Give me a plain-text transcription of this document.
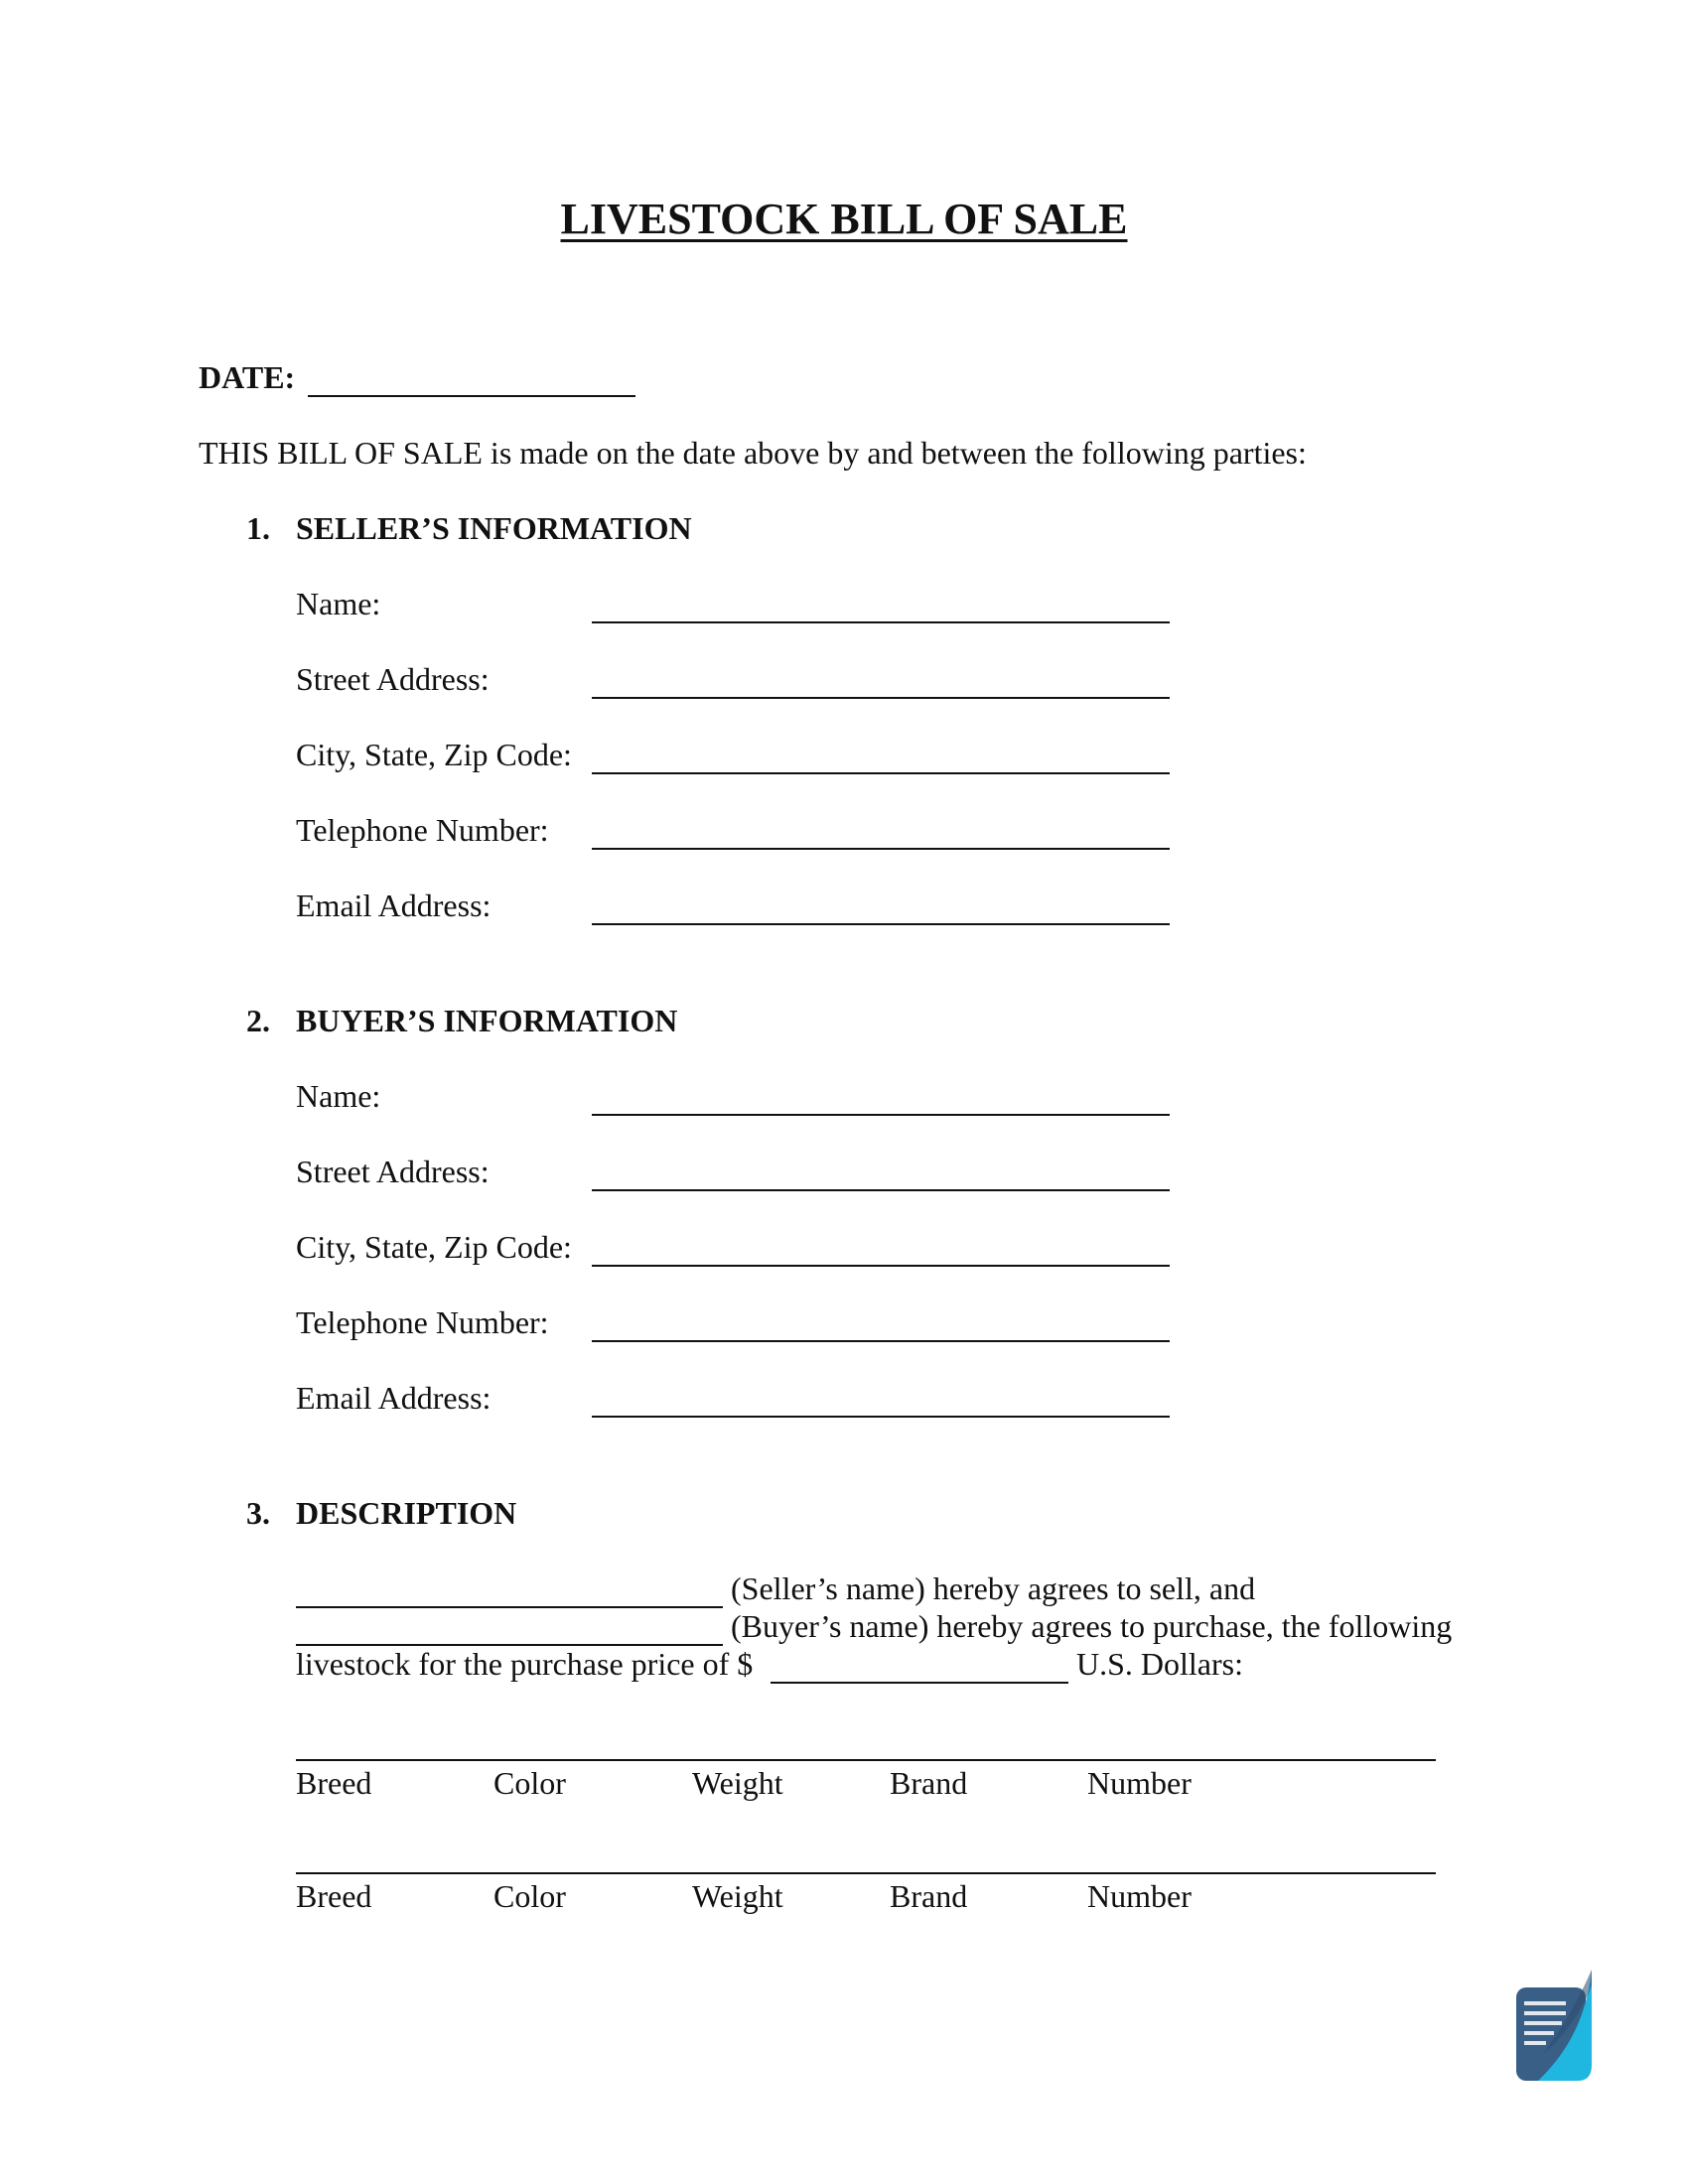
LIVESTOCK BILL OF SALE
DATE:
THIS BILL OF SALE is made on the date above by and between the following parties:
1. SELLER’S INFORMATION
Name:
Street Address:
City, State, Zip Code:
Telephone Number:
Email Address:
2. BUYER’S INFORMATION
Name:
Street Address:
City, State, Zip Code:
Telephone Number:
Email Address:
3. DESCRIPTION
(Seller’s name) hereby agrees to sell, and
(Buyer’s name) hereby agrees to purchase, the following
livestock for the purchase price of $	U.S. Dollars:
Breed	Color	Weight	Brand	Number
Breed	Color	Weight	Brand	Number
